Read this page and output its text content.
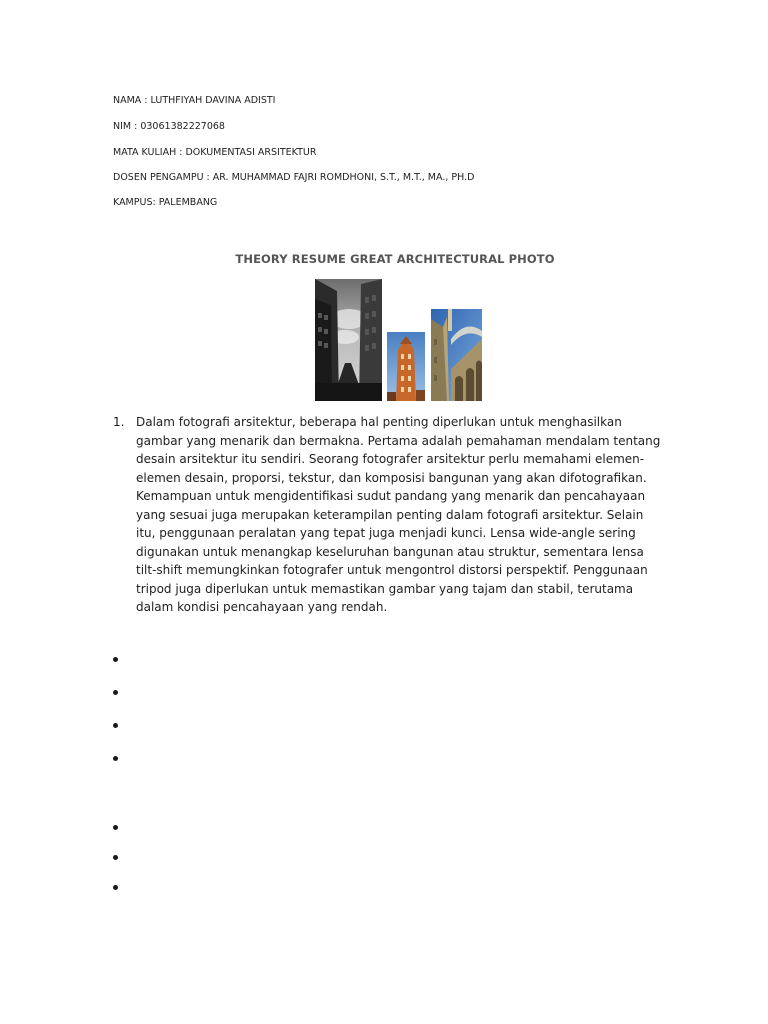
NAMA : LUTHFIYAH DAVINA ADISTI
NIM : 03061382227068
MATA KULIAH : DOKUMENTASI ARSITEKTUR
DOSEN PENGAMPU : AR. MUHAMMAD FAJRI ROMDHONI, S.T., M.T., MA., PH.D
KAMPUS: PALEMBANG
THEORY RESUME GREAT ARCHITECTURAL PHOTO
1. Dalam fotografi arsitektur, beberapa hal penting diperlukan untuk menghasilkan gambar yang menarik dan bermakna. Pertama adalah pemahaman mendalam tentang desain arsitektur itu sendiri. Seorang fotografer arsitektur perlu memahami elemen-elemen desain, proporsi, tekstur, dan komposisi bangunan yang akan difotografikan. Kemampuan untuk mengidentifikasi sudut pandang yang menarik dan pencahayaan yang sesuai juga merupakan keterampilan penting dalam fotografi arsitektur. Selain itu, penggunaan peralatan yang tepat juga menjadi kunci. Lensa wide-angle sering digunakan untuk menangkap keseluruhan bangunan atau struktur, sementara lensa tilt-shift memungkinkan fotografer untuk mengontrol distorsi perspektif. Penggunaan tripod juga diperlukan untuk memastikan gambar yang tajam dan stabil, terutama dalam kondisi pencahayaan yang rendah.
